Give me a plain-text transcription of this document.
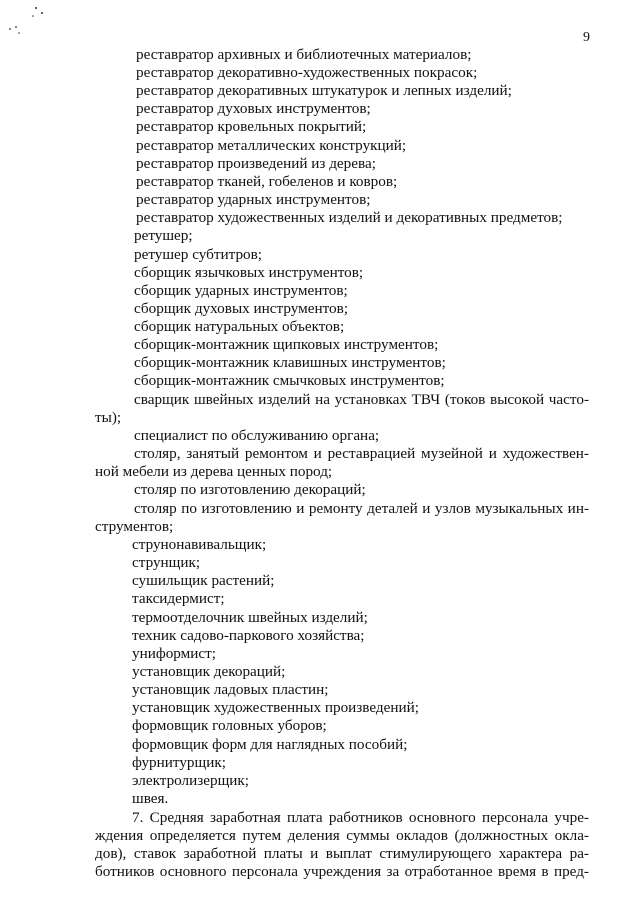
9
реставратор архивных и библиотечных материалов;
реставратор декоративно-художественных покрасок;
реставратор декоративных штукатурок и лепных изделий;
реставратор духовых инструментов;
реставратор кровельных покрытий;
реставратор металлических конструкций;
реставратор произведений из дерева;
реставратор тканей, гобеленов и ковров;
реставратор ударных инструментов;
реставратор художественных изделий и декоративных предметов;
ретушер;
ретушер субтитров;
сборщик язычковых инструментов;
сборщик ударных инструментов;
сборщик духовых инструментов;
сборщик натуральных объектов;
сборщик-монтажник щипковых инструментов;
сборщик-монтажник клавишных инструментов;
сборщик-монтажник смычковых инструментов;
сварщик швейных изделий на установках ТВЧ (токов высокой часто-
ты);
специалист по обслуживанию органа;
столяр, занятый ремонтом и реставрацией музейной и художествен-
ной мебели из дерева ценных пород;
столяр по изготовлению декораций;
столяр по изготовлению и ремонту деталей и узлов музыкальных ин-
струментов;
струнонавивальщик;
струнщик;
сушильщик растений;
таксидермист;
термоотделочник швейных изделий;
техник садово-паркового хозяйства;
униформист;
установщик декораций;
установщик ладовых пластин;
установщик художественных произведений;
формовщик головных уборов;
формовщик форм для наглядных пособий;
фурнитурщик;
электролизерщик;
швея.
7. Средняя заработная плата работников основного персонала учре-
ждения определяется путем деления суммы окладов (должностных окла-
дов), ставок заработной платы и выплат стимулирующего характера ра-
ботников основного персонала учреждения за отработанное время в пред-
